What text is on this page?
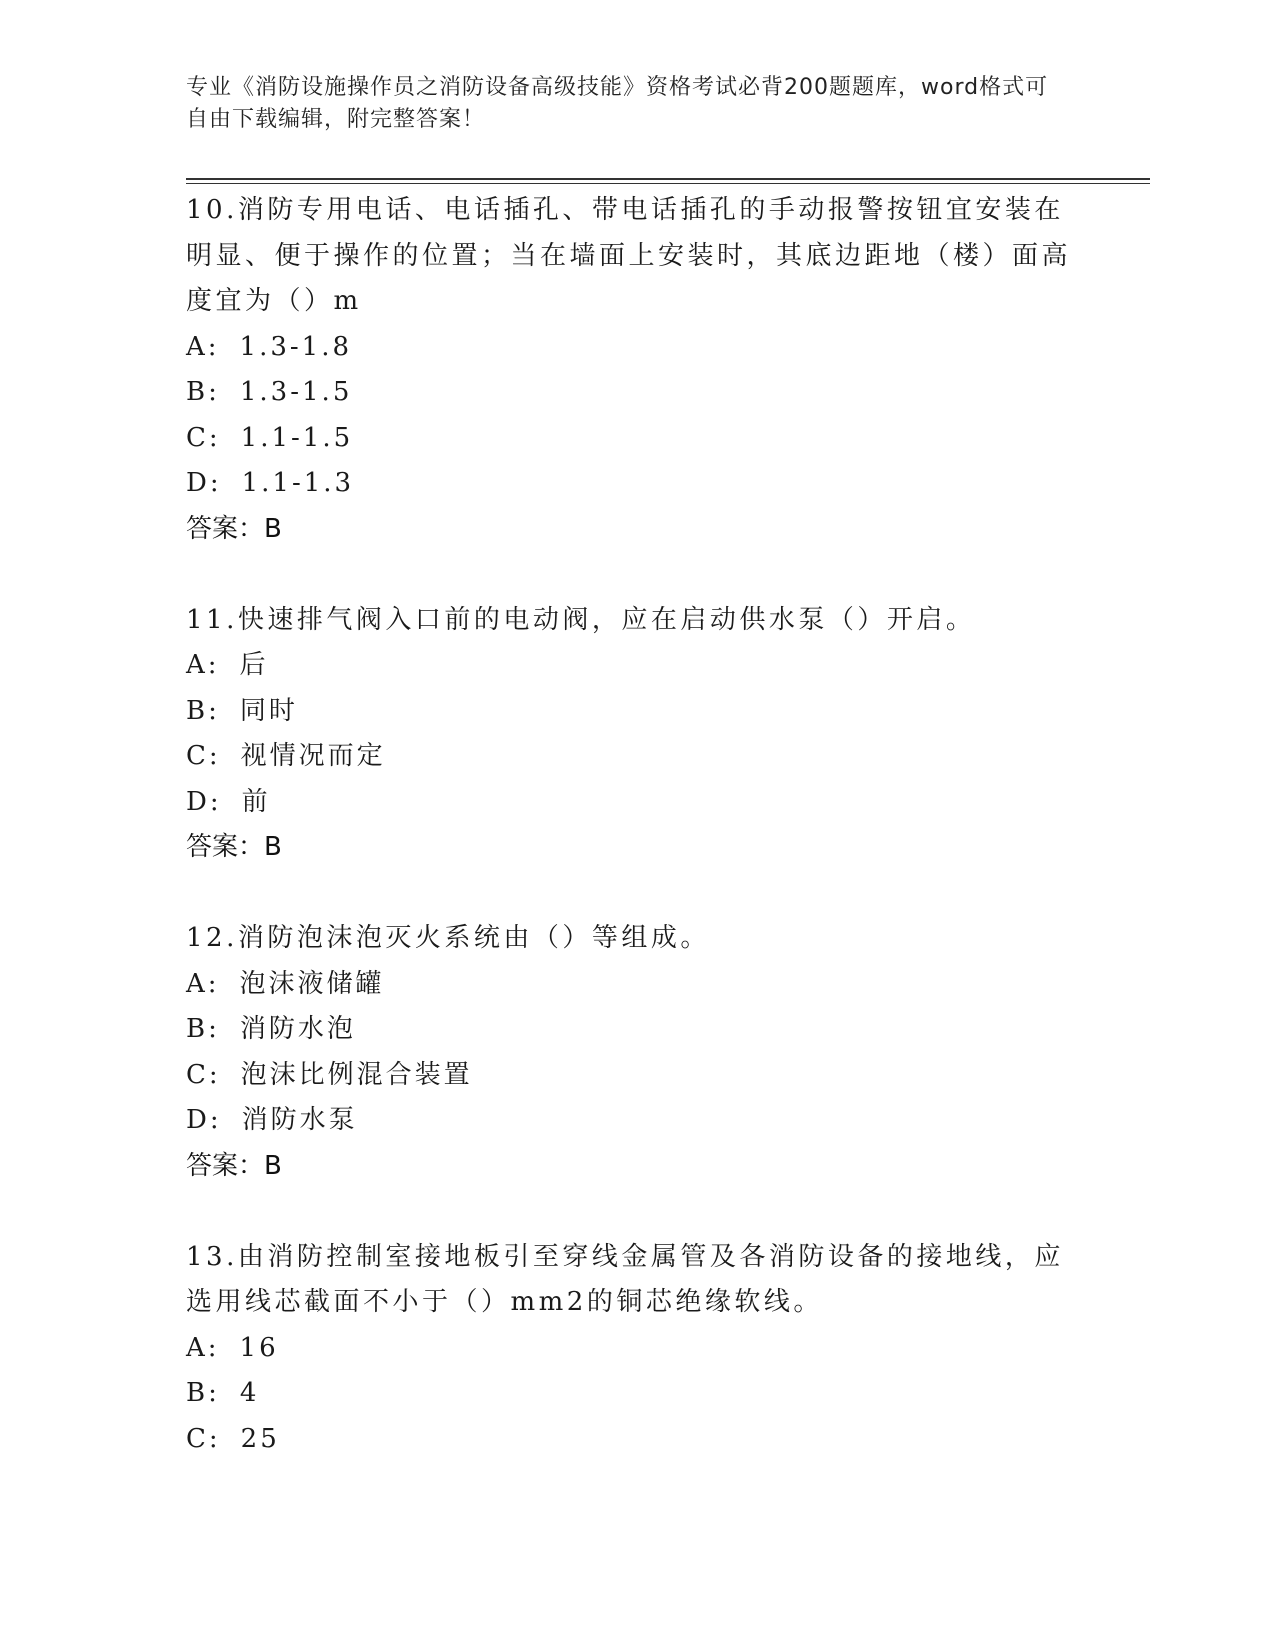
专业《消防设施操作员之消防设备高级技能》资格考试必背200题题库，word格式可自由下载编辑，附完整答案！

10.消防专用电话、电话插孔、带电话插孔的手动报警按钮宜安装在明显、便于操作的位置；当在墙面上安装时，其底边距地（楼）面高度宜为（）m

A: 1.3-1.8

B: 1.3-1.5

C: 1.1-1.5

D: 1.1-1.3

答案：B

11.快速排气阀入口前的电动阀，应在启动供水泵（）开启。

A: 后

B: 同时

C: 视情况而定

D: 前

答案：B

12.消防泡沫泡灭火系统由（）等组成。

A: 泡沫液储罐

B: 消防水泡

C: 泡沫比例混合装置

D: 消防水泵

答案：B

13.由消防控制室接地板引至穿线金属管及各消防设备的接地线，应选用线芯截面不小于（）mm2的铜芯绝缘软线。

A: 16

B: 4

C: 25
